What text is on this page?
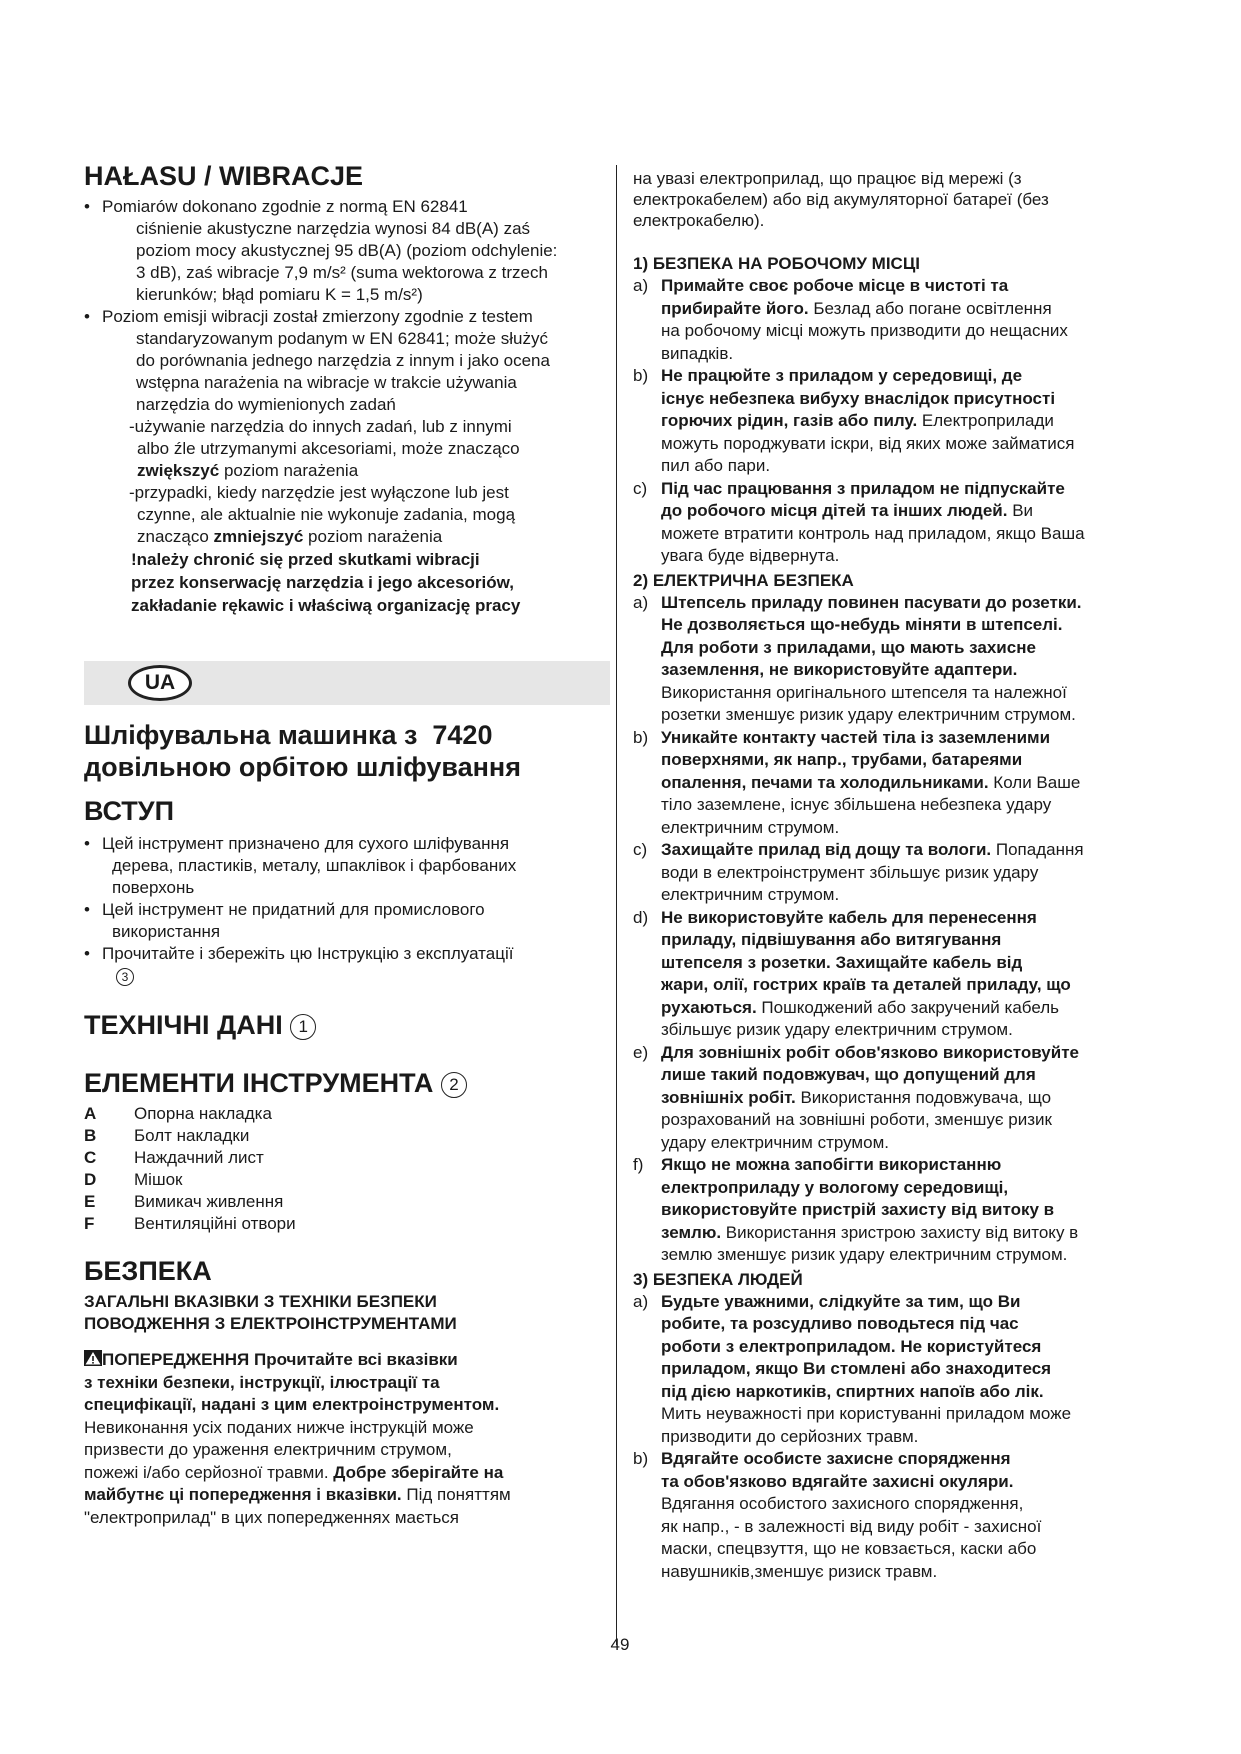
HAŁASU / WIBRACJE
• Pomiarów dokonano zgodnie z normą EN 62841
ciśnienie akustyczne narzędzia wynosi 84 dB(A) zaś
poziom mocy akustycznej 95 dB(A) (poziom odchylenie:
3 dB), zaś wibracje 7,9 m/s² (suma wektorowa z trzech
kierunków; błąd pomiaru K = 1,5 m/s²)
• Poziom emisji wibracji został zmierzony zgodnie z testem
standaryzowanym podanym w EN 62841; może służyć
do porównania jednego narzędzia z innym i jako ocena
wstępna narażenia na wibracje w trakcie używania
narzędzia do wymienionych zadań
-używanie narzędzia do innych zadań, lub z innymi
albo źle utrzymanymi akcesoriami, może znacząco
zwiększyć poziom narażenia
-przypadki, kiedy narzędzie jest wyłączone lub jest
czynne, ale aktualnie nie wykonuje zadania, mogą
znacząco zmniejszyć poziom narażenia
!należy chronić się przed skutkami wibracji
przez konserwację narzędzia i jego akcesoriów,
zakładanie rękawic i właściwą organizację pracy
UA
Шліфувальна машинка з  7420
довільною орбітою шліфування
ВСТУП
• Цей інструмент призначено для сухого шліфування
дерева, пластиків, металу, шпаклівок і фарбованих
поверхонь
• Цей інструмент не придатний для промислового
використання
• Прочитайте і збережіть цю Інструкцію з експлуатації
3
ТЕХНІЧНІ ДАНІ 1
ЕЛЕМЕНТИ ІНСТРУМЕНТА 2
A	Опорна накладка
B	Болт накладки
C	Наждачний лист
D	Мішок
E	Вимикач живлення
F	Вентиляційні отвори
БЕЗПЕКА

ЗАГАЛЬНІ ВКАЗІВКИ З ТЕХНІКИ БЕЗПЕКИ
ПОВОДЖЕННЯ З ЕЛЕКТРОІНСТРУМЕНТАМИ

ПОПЕРЕДЖЕННЯ Прочитайте всі вказівки
з техніки безпеки, інструкції, ілюстрації та
специфікації, надані з цим електроінструментом.
Невиконання усіх поданих нижче інструкцій може
призвести до ураження електричним струмом,
пожежі і/або серйозної травми. Добре зберігайте на
майбутнє ці попередження і вказівки. Під поняттям
"електроприлад" в цих попередженнях мається
на увазі електроприлад, що працює від мережі (з
електрокабелем) або від акумуляторної батареї (без
електрокабелю).

1) БЕЗПЕКА НА РОБОЧОМУ МІСЦІ

a) Примайте своє робоче місце в чистоті та
прибирайте його. Безлад або погане освітлення
на робочому місці можуть призводити до нещасних
випадків.
b) Не працюйте з приладом у середовищі, де
існує небезпека вибуху внаслідок присутності
горючих рідин, газів або пилу. Електроприлади
можуть породжувати іскри, від яких може займатися
пил або пари.
c) Під час працювання з приладом не підпускайте
до робочого місця дітей та інших людей. Ви
можете втратити контроль над приладом, якщо Ваша
увага буде відвернута.

2) ЕЛЕКТРИЧНА БЕЗПЕКА

a) Штепсель приладу повинен пасувати до розетки.
Не дозволяється що-небудь міняти в штепселі.
Для роботи з приладами, що мають захисне
заземлення, не використовуйте адаптери.
Використання оригінального штепселя та належної
розетки зменшує ризик удару електричним струмом.
b) Уникайте контакту частей тіла із заземленими
поверхнями, як напр., трубами, батареями
опалення, печами та холодильниками. Коли Ваше
тіло заземлене, існує збільшена небезпека удару
електричним струмом.
c) Захищайте прилад від дощу та вологи. Попадання
води в електроінструмент збільшує ризик удару
електричним струмом.
d) Не використовуйте кабель для перенесення
приладу, підвішування або витягування
штепселя з розетки. Захищайте кабель від
жари, олії, гострих країв та деталей приладу, що
рухаються. Пошкоджений або закручений кабель
збільшує ризик удару електричним струмом.
e) Для зовнішніх робіт обов'язково використовуйте
лише такий подовжувач, що допущений для
зовнішніх робіт. Використання подовжувача, що
розрахований на зовнішні роботи, зменшує ризик
удару електричним струмом.
f) Якщо не можна запобігти використанню
електроприладу у вологому середовищі,
використовуйте пристрій захисту від витоку в
землю. Використання зристрою захисту від витоку в
землю зменшує ризик удару електричним струмом.

3) БЕЗПЕКА ЛЮДЕЙ

a) Будьте уважними, слідкуйте за тим, що Ви
робите, та розсудливо поводьтеся під час
роботи з електроприладом. Не користуйтеся
приладом, якщо Ви стомлені або знаходитеся
під дією наркотиків, спиртних напоїв або лік.
Мить неуважності при користуванні приладом може
призводити до серйозних травм.
b) Вдягайте особисте захисне спорядження
та обов'язково вдягайте захисні окуляри.
Вдягання особистого захисного спорядження,
як напр., - в залежності від виду робіт - захисної
маски, спецвзуття, що не ковзається, каски або
навушників,зменшує ризиск травм.
49
